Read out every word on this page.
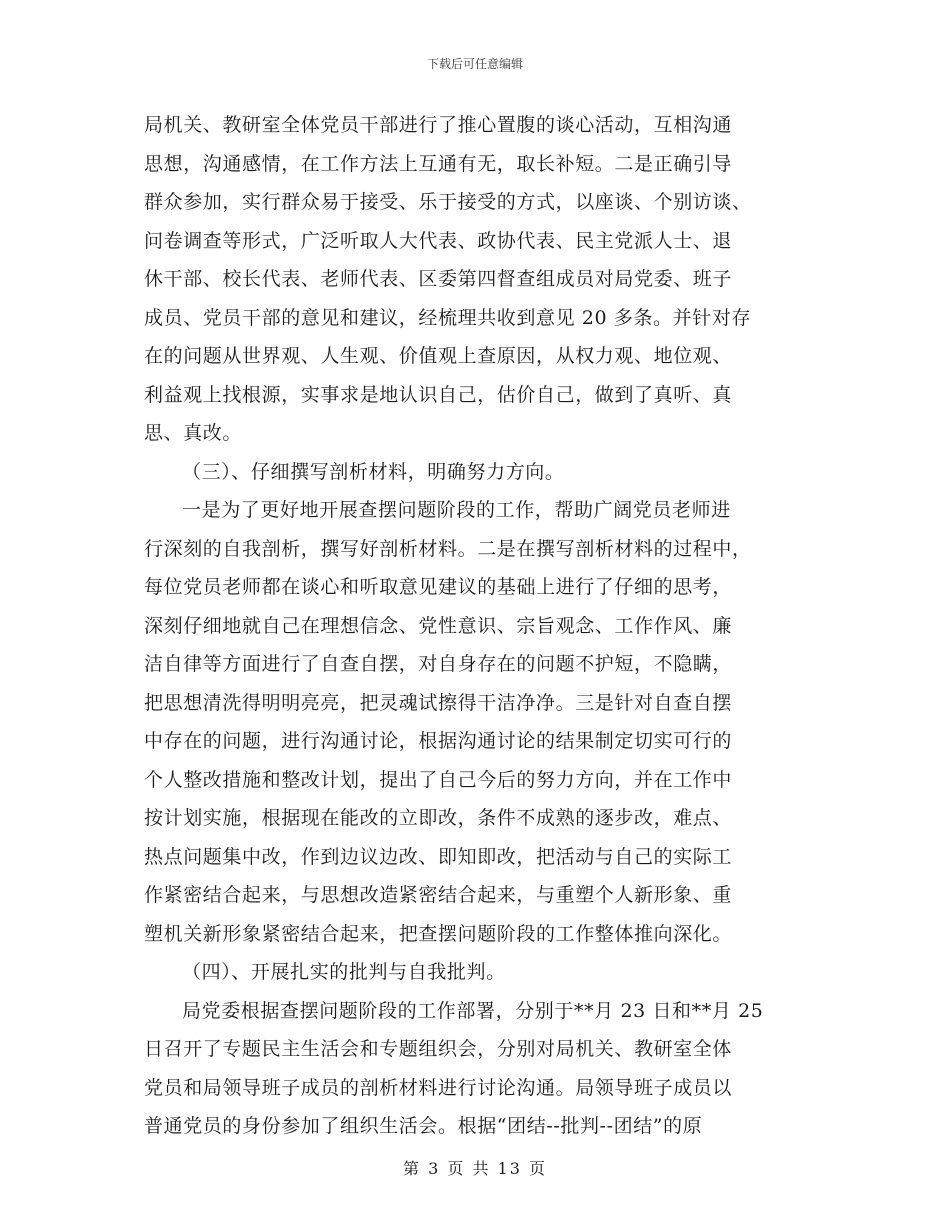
下载后可任意编辑
局机关、教研室全体党员干部进行了推心置腹的谈心活动，互相沟通
思想，沟通感情，在工作方法上互通有无，取长补短。二是正确引导
群众参加，实行群众易于接受、乐于接受的方式，以座谈、个别访谈、
问卷调查等形式，广泛听取人大代表、政协代表、民主党派人士、退
休干部、校长代表、老师代表、区委第四督查组成员对局党委、班子
成员、党员干部的意见和建议，经梳理共收到意见 20 多条。并针对存
在的问题从世界观、人生观、价值观上查原因，从权力观、地位观、
利益观上找根源，实事求是地认识自己，估价自己，做到了真听、真
思、真改。
（三）、仔细撰写剖析材料，明确努力方向。
一是为了更好地开展查摆问题阶段的工作，帮助广阔党员老师进
行深刻的自我剖析，撰写好剖析材料。二是在撰写剖析材料的过程中，
每位党员老师都在谈心和听取意见建议的基础上进行了仔细的思考，
深刻仔细地就自己在理想信念、党性意识、宗旨观念、工作作风、廉
洁自律等方面进行了自查自摆，对自身存在的问题不护短，不隐瞒，
把思想清洗得明明亮亮，把灵魂试擦得干洁净净。三是针对自查自摆
中存在的问题，进行沟通讨论，根据沟通讨论的结果制定切实可行的
个人整改措施和整改计划，提出了自己今后的努力方向，并在工作中
按计划实施，根据现在能改的立即改，条件不成熟的逐步改，难点、
热点问题集中改，作到边议边改、即知即改，把活动与自己的实际工
作紧密结合起来，与思想改造紧密结合起来，与重塑个人新形象、重
塑机关新形象紧密结合起来，把查摆问题阶段的工作整体推向深化。
（四）、开展扎实的批判与自我批判。
局党委根据查摆问题阶段的工作部署，分别于**月 23 日和**月 25
日召开了专题民主生活会和专题组织会，分别对局机关、教研室全体
党员和局领导班子成员的剖析材料进行讨论沟通。局领导班子成员以
普通党员的身份参加了组织生活会。根据“团结--批判--团结”的原
第 3 页 共 13 页
